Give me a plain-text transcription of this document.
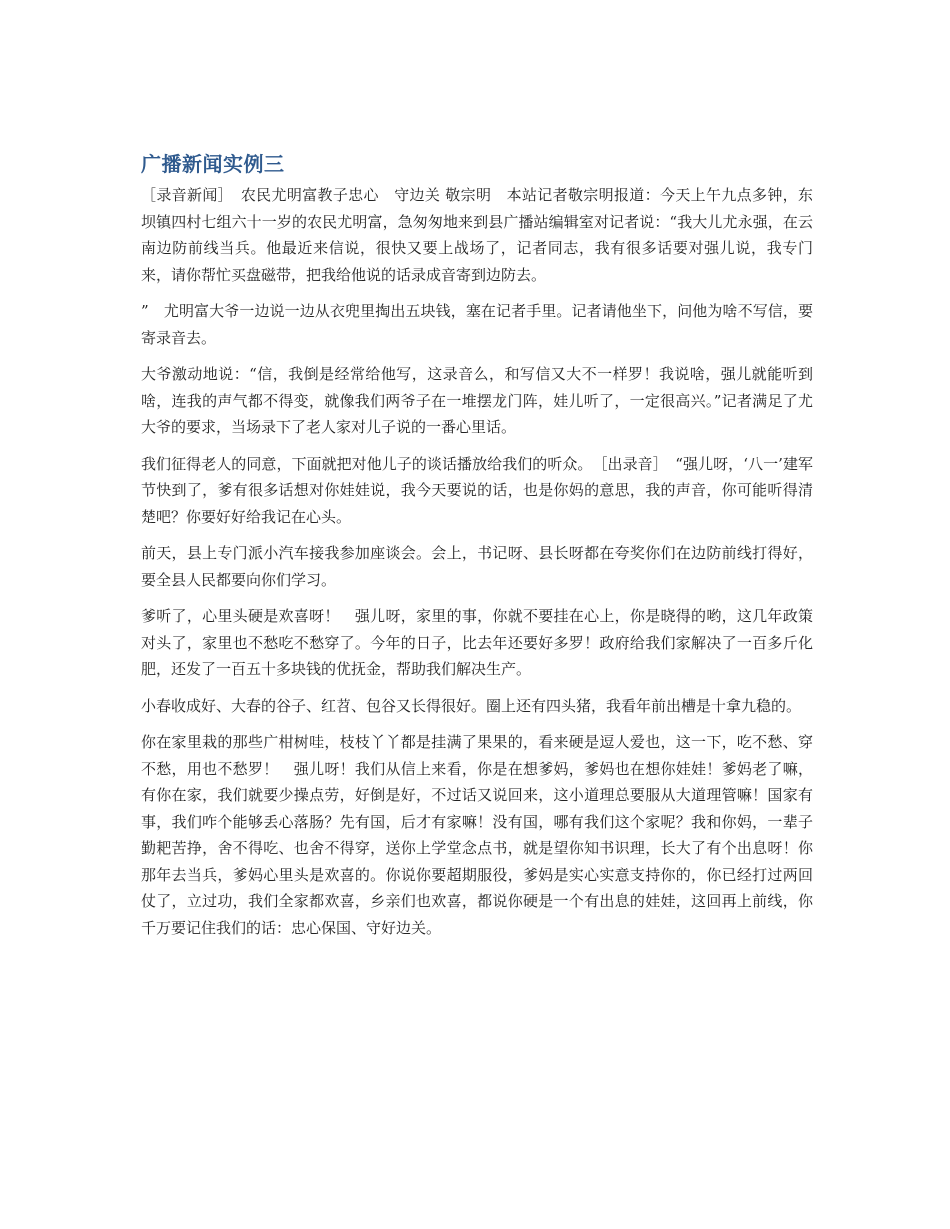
广播新闻实例三

［录音新闻］　农民尤明富教子忠心　守边关 敬宗明　本站记者敬宗明报道：今天上午九点多钟，东坝镇四村七组六十一岁的农民尤明富，急匆匆地来到县广播站编辑室对记者说：“我大儿尤永强，在云南边防前线当兵。他最近来信说，很快又要上战场了，记者同志，我有很多话要对强儿说，我专门来，请你帮忙买盘磁带，把我给他说的话录成音寄到边防去。

”　尤明富大爷一边说一边从衣兜里掏出五块钱，塞在记者手里。记者请他坐下，问他为啥不写信，要寄录音去。

大爷激动地说：“信，我倒是经常给他写，这录音么，和写信又大不一样罗！我说啥，强儿就能听到啥，连我的声气都不得变，就像我们两爷子在一堆摆龙门阵，娃儿听了，一定很高兴。”记者满足了尤大爷的要求，当场录下了老人家对儿子说的一番心里话。

我们征得老人的同意，下面就把对他儿子的谈话播放给我们的听众。　［出录音］　“强儿呀，‘八一’建军节快到了，爹有很多话想对你娃娃说，我今天要说的话，也是你妈的意思，我的声音，你可能听得清楚吧？你要好好给我记在心头。

前天，县上专门派小汽车接我参加座谈会。会上，书记呀、县长呀都在夸奖你们在边防前线打得好，要全县人民都要向你们学习。

爹听了，心里头硬是欢喜呀！　强儿呀，家里的事，你就不要挂在心上，你是晓得的哟，这几年政策对头了，家里也不愁吃不愁穿了。今年的日子，比去年还要好多罗！政府给我们家解决了一百多斤化肥，还发了一百五十多块钱的优抚金，帮助我们解决生产。

小春收成好、大春的谷子、红苕、包谷又长得很好。圈上还有四头猪，我看年前出槽是十拿九稳的。

你在家里栽的那些广柑树哇，枝枝丫丫都是挂满了果果的，看来硬是逗人爱也，这一下，吃不愁、穿不愁，用也不愁罗！　强儿呀！我们从信上来看，你是在想爹妈，爹妈也在想你娃娃！爹妈老了嘛，有你在家，我们就要少操点劳，好倒是好，不过话又说回来，这小道理总要服从大道理管嘛！国家有事，我们咋个能够丢心落肠？先有国，后才有家嘛！没有国，哪有我们这个家呢？我和你妈，一辈子勤耙苦挣，舍不得吃、也舍不得穿，送你上学堂念点书，就是望你知书识理，长大了有个出息呀！你那年去当兵，爹妈心里头是欢喜的。你说你要超期服役，爹妈是实心实意支持你的，你已经打过两回仗了，立过功，我们全家都欢喜，乡亲们也欢喜，都说你硬是一个有出息的娃娃，这回再上前线，你千万要记住我们的话：忠心保国、守好边关。
